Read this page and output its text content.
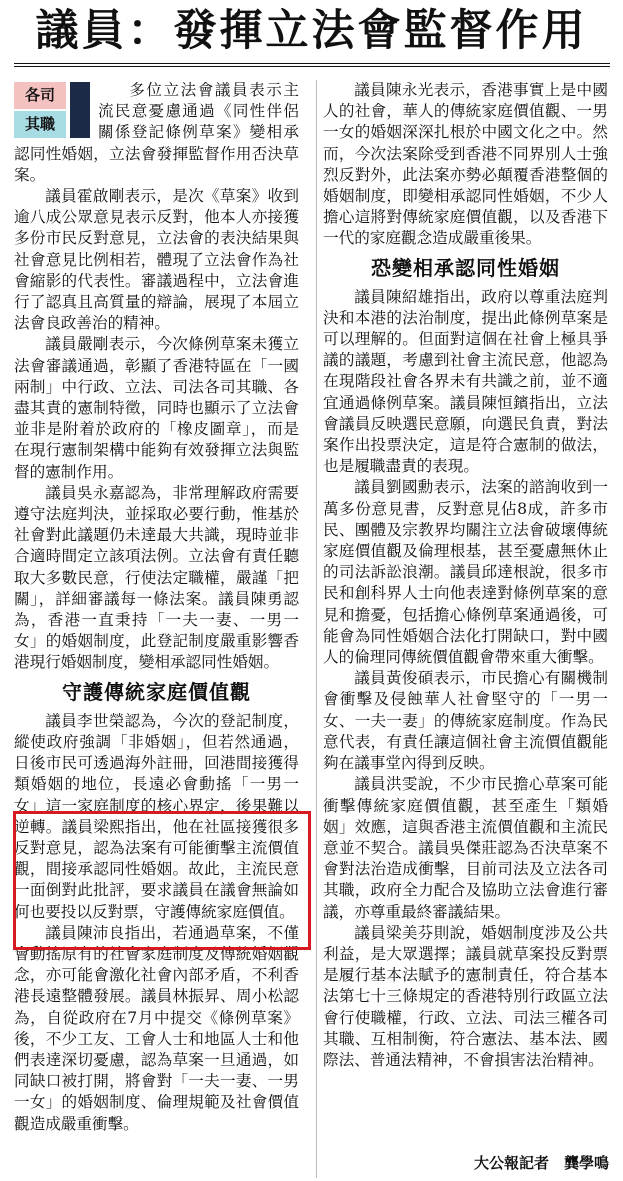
議員：發揮立法會監督作用
各司
其職

多位立法會議員表示主流民意憂慮通過《同性伴侶關係登記條例草案》變相承認同性婚姻，立法會發揮監督作用否決草案。

議員霍啟剛表示，是次《草案》收到逾八成公眾意見表示反對，他本人亦接獲多份市民反對意見，立法會的表決結果與社會意見比例相若，體現了立法會作為社會縮影的代表性。審議過程中，立法會進行了認真且高質量的辯論，展現了本屆立法會良政善治的精神。

議員嚴剛表示，今次條例草案未獲立法會審議通過，彰顯了香港特區在「一國兩制」中行政、立法、司法各司其職、各盡其責的憲制特徵，同時也顯示了立法會並非是附着於政府的「橡皮圖章」，而是在現行憲制架構中能夠有效發揮立法與監督的憲制作用。

議員吳永嘉認為，非常理解政府需要遵守法庭判決，並採取必要行動，惟基於社會對此議題仍未達最大共識，現時並非合適時間定立該項法例。立法會有責任聽取大多數民意，行使法定職權，嚴謹「把關」，詳細審議每一條法案。議員陳勇認為，香港一直秉持「一夫一妻、一男一女」的婚姻制度，此登記制度嚴重影響香港現行婚姻制度，變相承認同性婚姻。

守護傳統家庭價值觀

議員李世榮認為，今次的登記制度，縱使政府強調「非婚姻」，但若然通過，日後市民可透過海外註冊，回港間接獲得類婚姻的地位，長遠必會動搖「一男一女」這一家庭制度的核心界定，後果難以逆轉。議員梁熙指出，他在社區接獲很多反對意見，認為法案有可能衝擊主流價值觀，間接承認同性婚姻。故此，主流民意一面倒對此批評，要求議員在議會無論如何也要投以反對票，守護傳統家庭價值。

議員陳沛良指出，若通過草案，不僅會動搖原有的社會家庭制度及傳統婚姻觀念，亦可能會激化社會內部矛盾，不利香港長遠整體發展。議員林振昇、周小松認為，自從政府在7月中提交《條例草案》後，不少工友、工會人士和地區人士和他們表達深切憂慮，認為草案一旦通過，如同缺口被打開，將會對「一夫一妻、一男一女」的婚姻制度、倫理規範及社會價值觀造成嚴重衝擊。

議員陳永光表示，香港事實上是中國人的社會，華人的傳統家庭價值觀、一男一女的婚姻深深扎根於中國文化之中。然而，今次法案除受到香港不同界別人士強烈反對外，此法案亦勢必顛覆香港整個的婚姻制度，即變相承認同性婚姻，不少人擔心這將對傳統家庭價值觀，以及香港下一代的家庭觀念造成嚴重後果。

恐變相承認同性婚姻

議員陳紹雄指出，政府以尊重法庭判決和本港的法治制度，提出此條例草案是可以理解的。但面對這個在社會上極具爭議的議題，考慮到社會主流民意，他認為在現階段社會各界未有共識之前，並不適宜通過條例草案。議員陳恒鑌指出，立法會議員反映選民意願，向選民負責，對法案作出投票決定，這是符合憲制的做法，也是履職盡責的表現。

議員劉國勳表示，法案的諮詢收到一萬多份意見書，反對意見佔8成，許多市民、團體及宗教界均關注立法會破壞傳統家庭價值觀及倫理根基，甚至憂慮無休止的司法訴訟浪潮。議員邱達根說，很多市民和創科界人士向他表達對條例草案的意見和擔憂，包括擔心條例草案通過後，可能會為同性婚姻合法化打開缺口，對中國人的倫理同傳統價值觀會帶來重大衝擊。

議員黃俊碩表示，市民擔心有關機制會衝擊及侵蝕華人社會堅守的「一男一女、一夫一妻」的傳統家庭制度。作為民意代表，有責任讓這個社會主流價值觀能夠在議事堂內得到反映。

議員洪雯說，不少市民擔心草案可能衝擊傳統家庭價值觀，甚至產生「類婚姻」效應，這與香港主流價值觀和主流民意並不契合。議員吳傑莊認為否決草案不會對法治造成衝擊，目前司法及立法各司其職，政府全力配合及協助立法會進行審議，亦尊重最終審議結果。

議員梁美芬則說，婚姻制度涉及公共利益，是大眾選擇；議員就草案投反對票是履行基本法賦予的憲制責任，符合基本法第七十三條規定的香港特別行政區立法會行使職權，行政、立法、司法三權各司其職、互相制衡，符合憲法、基本法、國際法、普通法精神，不會損害法治精神。

大公報記者　龔學鳴
